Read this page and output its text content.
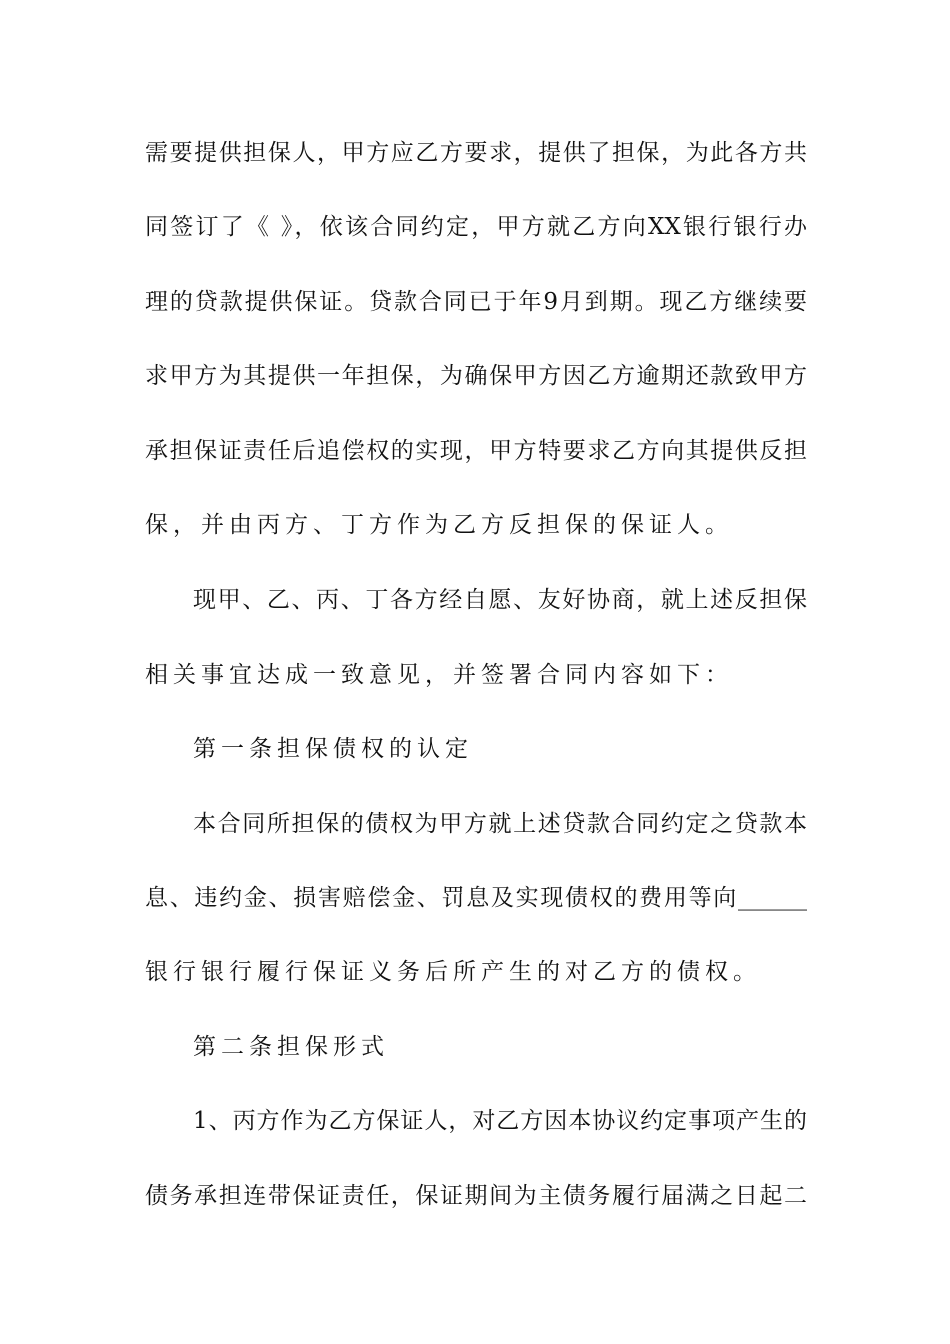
需要提供担保人，甲方应乙方要求，提供了担保，为此各方共
同签订了《 》，依该合同约定，甲方就乙方向XX银行银行办
理的贷款提供保证。贷款合同已于年9月到期。现乙方继续要
求甲方为其提供一年担保，为确保甲方因乙方逾期还款致甲方
承担保证责任后追偿权的实现，甲方特要求乙方向其提供反担
保，并由丙方、丁方作为乙方反担保的保证人。
现甲、乙、丙、丁各方经自愿、友好协商，就上述反担保
相关事宜达成一致意见，并签署合同内容如下：
第一条担保债权的认定
本合同所担保的债权为甲方就上述贷款合同约定之贷款本
息、违约金、损害赔偿金、罚息及实现债权的费用等向______
银行银行履行保证义务后所产生的对乙方的债权。
第二条担保形式
1、丙方作为乙方保证人，对乙方因本协议约定事项产生的
债务承担连带保证责任，保证期间为主债务履行届满之日起二
